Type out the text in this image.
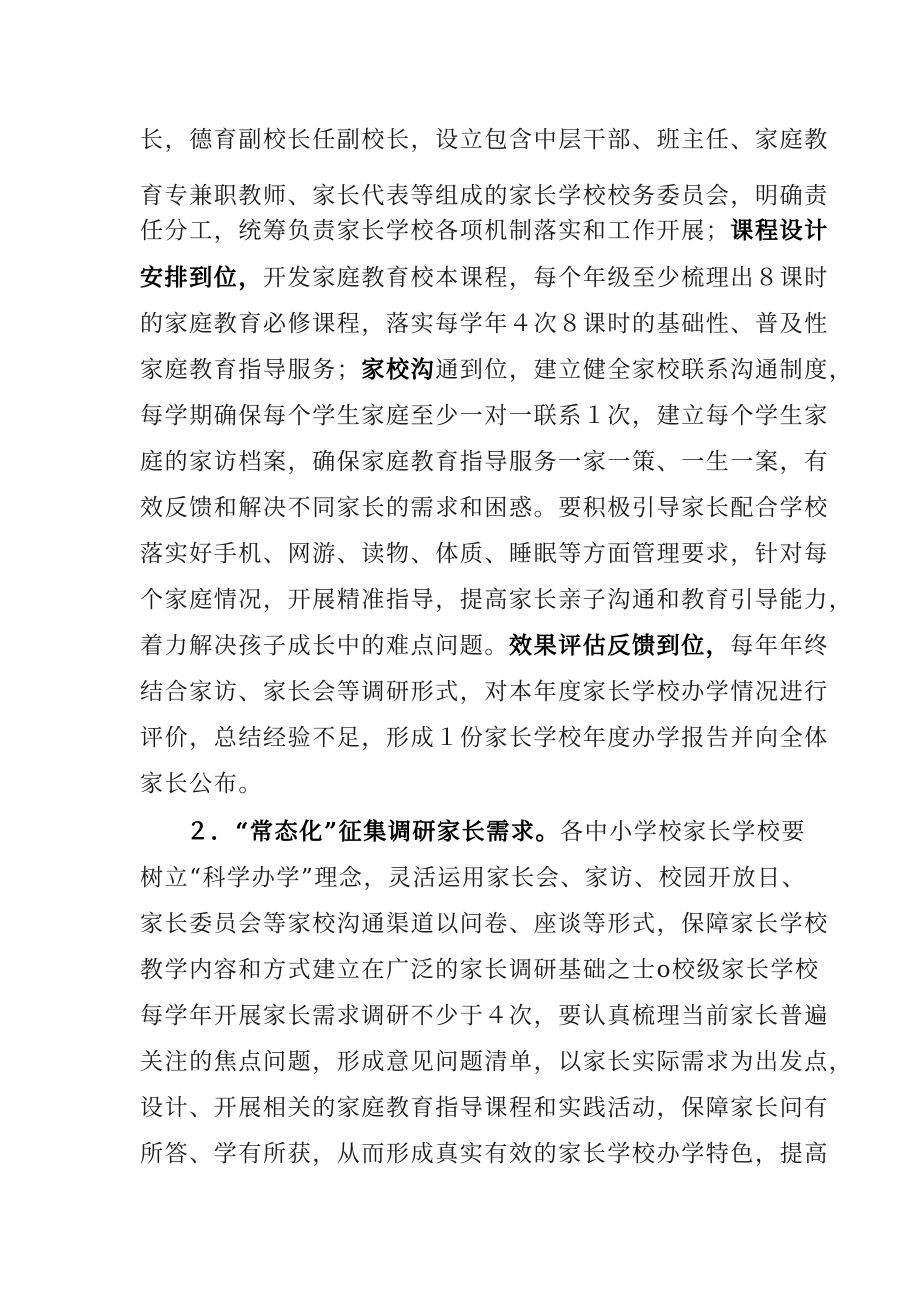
长，德育副校长任副校长，设立包含中层干部、班主任、家庭教
育专兼职教师、家长代表等组成的家长学校校务委员会，明确责
任分工，统筹负责家长学校各项机制落实和工作开展；课程设计
安排到位，开发家庭教育校本课程，每个年级至少梳理出８课时
的家庭教育必修课程，落实每学年４次８课时的基础性、普及性
家庭教育指导服务；家校沟通到位，建立健全家校联系沟通制度，
每学期确保每个学生家庭至少一对一联系１次，建立每个学生家
庭的家访档案，确保家庭教育指导服务一家一策、一生一案，有
效反馈和解决不同家长的需求和困惑。要积极引导家长配合学校
落实好手机、网游、读物、体质、睡眠等方面管理要求，针对每
个家庭情况，开展精准指导，提高家长亲子沟通和教育引导能力，
着力解决孩子成长中的难点问题。效果评估反馈到位，每年年终
结合家访、家长会等调研形式，对本年度家长学校办学情况进行
评价，总结经验不足，形成１份家长学校年度办学报告并向全体
家长公布。
２．“常态化”征集调研家长需求。各中小学校家长学校要
树立“科学办学”理念，灵活运用家长会、家访、校园开放日、
家长委员会等家校沟通渠道以问卷、座谈等形式，保障家长学校
教学内容和方式建立在广泛的家长调研基础之士o校级家长学校
每学年开展家长需求调研不少于４次，要认真梳理当前家长普遍
关注的焦点问题，形成意见问题清单，以家长实际需求为出发点，
设计、开展相关的家庭教育指导课程和实践活动，保障家长问有
所答、学有所获，从而形成真实有效的家长学校办学特色，提高
